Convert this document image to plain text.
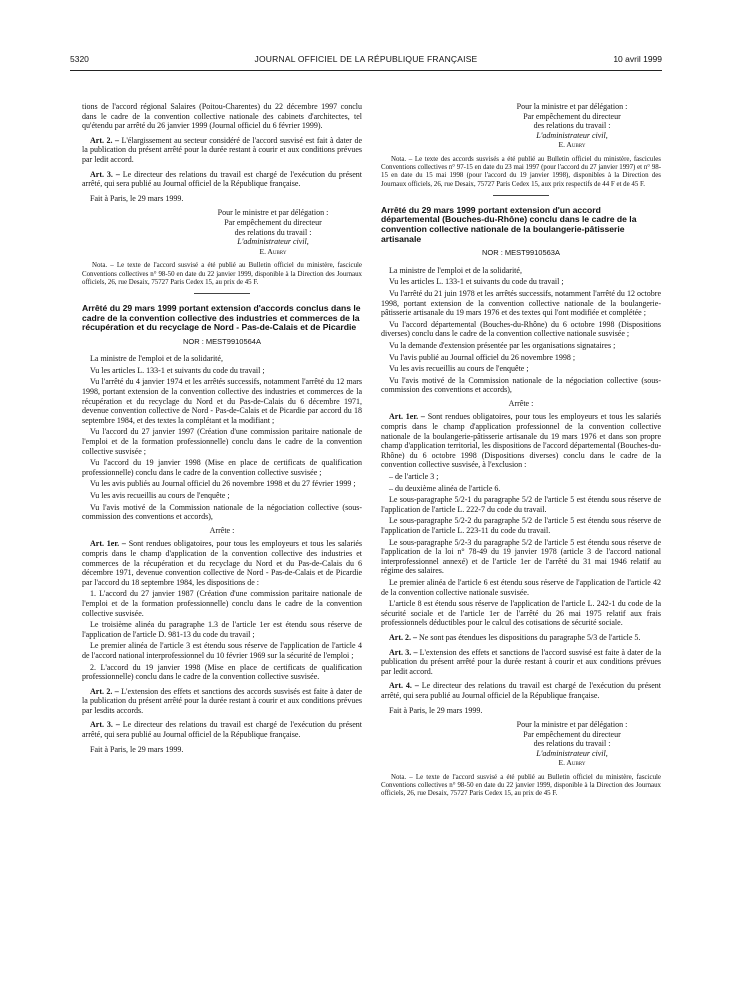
5320	JOURNAL OFFICIEL DE LA RÉPUBLIQUE FRANÇAISE	10 avril 1999

tions de l'accord régional Salaires (Poitou-Charentes) du 22 décembre 1997 conclu dans le cadre de la convention collective nationale des cabinets d'architectes, tel qu'étendu par arrêté du 26 janvier 1999 (Journal officiel du 6 février 1999).

Art. 2. – L'élargissement au secteur considéré de l'accord susvisé est fait à dater de la publication du présent arrêté pour la durée restant à courir et aux conditions prévues par ledit accord.

Art. 3. – Le directeur des relations du travail est chargé de l'exécution du présent arrêté, qui sera publié au Journal officiel de la République française.

Fait à Paris, le 29 mars 1999.

Pour le ministre et par délégation :
Par empêchement du directeur
des relations du travail :
L'administrateur civil,
E. Aubry

Nota. – Le texte de l'accord susvisé a été publié au Bulletin officiel du ministère, fascicule Conventions collectives n° 98-50 en date du 22 janvier 1999, disponible à la Direction des Journaux officiels, 26, rue Desaix, 75727 Paris Cedex 15, au prix de 45 F.

Arrêté du 29 mars 1999 portant extension d'accords conclus dans le cadre de la convention collective des industries et commerces de la récupération et du recyclage de Nord - Pas-de-Calais et de Picardie

NOR : MEST9910564A

La ministre de l'emploi et de la solidarité,

Vu les articles L. 133-1 et suivants du code du travail ;

Vu l'arrêté du 4 janvier 1974 et les arrêtés successifs, notamment l'arrêté du 12 mars 1998, portant extension de la convention collective des industries et commerces de la récupération et du recyclage du Nord et du Pas-de-Calais du 6 décembre 1971, devenue convention collective de Nord - Pas-de-Calais et de Picardie par accord du 18 septembre 1984, et des textes la complétant et la modifiant ;

Vu l'accord du 27 janvier 1997 (Création d'une commission paritaire nationale de l'emploi et de la formation professionnelle) conclu dans le cadre de la convention collective susvisée ;

Vu l'accord du 19 janvier 1998 (Mise en place de certificats de qualification professionnelle) conclu dans le cadre de la convention collective susvisée ;

Vu les avis publiés au Journal officiel du 26 novembre 1998 et du 27 février 1999 ;

Vu les avis recueillis au cours de l'enquête ;

Vu l'avis motivé de la Commission nationale de la négociation collective (sous-commission des conventions et accords),

Arrête :

Art. 1er. – Sont rendues obligatoires, pour tous les employeurs et tous les salariés compris dans le champ d'application de la convention collective des industries et commerces de la récupération et du recyclage du Nord et du Pas-de-Calais du 6 décembre 1971, devenue convention collective de Nord - Pas-de-Calais et de Picardie par l'accord du 18 septembre 1984, les dispositions de :

1. L'accord du 27 janvier 1987 (Création d'une commission paritaire nationale de l'emploi et de la formation professionnelle) conclu dans le cadre de la convention collective susvisée.

Le troisième alinéa du paragraphe 1.3 de l'article 1er est étendu sous réserve de l'application de l'article D. 981-13 du code du travail ;

Le premier alinéa de l'article 3 est étendu sous réserve de l'application de l'article 4 de l'accord national interprofessionnel du 10 février 1969 sur la sécurité de l'emploi ;

2. L'accord du 19 janvier 1998 (Mise en place de certificats de qualification professionnelle) conclu dans le cadre de la convention collective susvisée.

Art. 2. – L'extension des effets et sanctions des accords susvisés est faite à dater de la publication du présent arrêté pour la durée restant à courir et aux conditions prévues par lesdits accords.

Art. 3. – Le directeur des relations du travail est chargé de l'exécution du présent arrêté, qui sera publié au Journal officiel de la République française.

Fait à Paris, le 29 mars 1999.

Pour la ministre et par délégation :
Par empêchement du directeur
des relations du travail :
L'administrateur civil,
E. Aubry

Nota. – Le texte des accords susvisés a été publié au Bulletin officiel du ministère, fascicules Conventions collectives n° 97-15 en date du 23 mai 1997 (pour l'accord du 27 janvier 1997) et n° 98-15 en date du 15 mai 1998 (pour l'accord du 19 janvier 1998), disponibles à la Direction des Journaux officiels, 26, rue Desaix, 75727 Paris Cedex 15, aux prix respectifs de 44 F et de 45 F.

Arrêté du 29 mars 1999 portant extension d'un accord départemental (Bouches-du-Rhône) conclu dans le cadre de la convention collective nationale de la boulangerie-pâtisserie artisanale

NOR : MEST9910563A

La ministre de l'emploi et de la solidarité,

Vu les articles L. 133-1 et suivants du code du travail ;

Vu l'arrêté du 21 juin 1978 et les arrêtés successifs, notamment l'arrêté du 12 octobre 1998, portant extension de la convention collective nationale de la boulangerie-pâtisserie artisanale du 19 mars 1976 et des textes qui l'ont modifiée et complétée ;

Vu l'accord départemental (Bouches-du-Rhône) du 6 octobre 1998 (Dispositions diverses) conclu dans le cadre de la convention collective nationale susvisée ;

Vu la demande d'extension présentée par les organisations signataires ;

Vu l'avis publié au Journal officiel du 26 novembre 1998 ;

Vu les avis recueillis au cours de l'enquête ;

Vu l'avis motivé de la Commission nationale de la négociation collective (sous-commission des conventions et accords),

Arrête :

Art. 1er. – Sont rendues obligatoires, pour tous les employeurs et tous les salariés compris dans le champ d'application professionnel de la convention collective nationale de la boulangerie-pâtisserie artisanale du 19 mars 1976 et dans son propre champ d'application territorial, les dispositions de l'accord départemental (Bouches-du-Rhône) du 6 octobre 1998 (Dispositions diverses) conclu dans le cadre de la convention collective susvisée, à l'exclusion :

– de l'article 3 ;

– du deuxième alinéa de l'article 6.

Le sous-paragraphe 5/2-1 du paragraphe 5/2 de l'article 5 est étendu sous réserve de l'application de l'article L. 222-7 du code du travail.

Le sous-paragraphe 5/2-2 du paragraphe 5/2 de l'article 5 est étendu sous réserve de l'application de l'article L. 223-11 du code du travail.

Le sous-paragraphe 5/2-3 du paragraphe 5/2 de l'article 5 est étendu sous réserve de l'application de la loi n° 78-49 du 19 janvier 1978 (article 3 de l'accord national interprofessionnel annexé) et de l'article 1er de l'arrêté du 31 mai 1946 relatif au régime des salaires.

Le premier alinéa de l'article 6 est étendu sous réserve de l'application de l'article 42 de la convention collective nationale susvisée.

L'article 8 est étendu sous réserve de l'application de l'article L. 242-1 du code de la sécurité sociale et de l'article 1er de l'arrêté du 26 mai 1975 relatif aux frais professionnels déductibles pour le calcul des cotisations de sécurité sociale.

Art. 2. – Ne sont pas étendues les dispositions du paragraphe 5/3 de l'article 5.

Art. 3. – L'extension des effets et sanctions de l'accord susvisé est faite à dater de la publication du présent arrêté pour la durée restant à courir et aux conditions prévues par ledit accord.

Art. 4. – Le directeur des relations du travail est chargé de l'exécution du présent arrêté, qui sera publié au Journal officiel de la République française.

Fait à Paris, le 29 mars 1999.

Pour la ministre et par délégation :
Par empêchement du directeur
des relations du travail :
L'administrateur civil,
E. Aubry

Nota. – Le texte de l'accord susvisé a été publié au Bulletin officiel du ministère, fascicule Conventions collectives n° 98-50 en date du 22 janvier 1999, disponible à la Direction des Journaux officiels, 26, rue Desaix, 75727 Paris Cedex 15, au prix de 45 F.
